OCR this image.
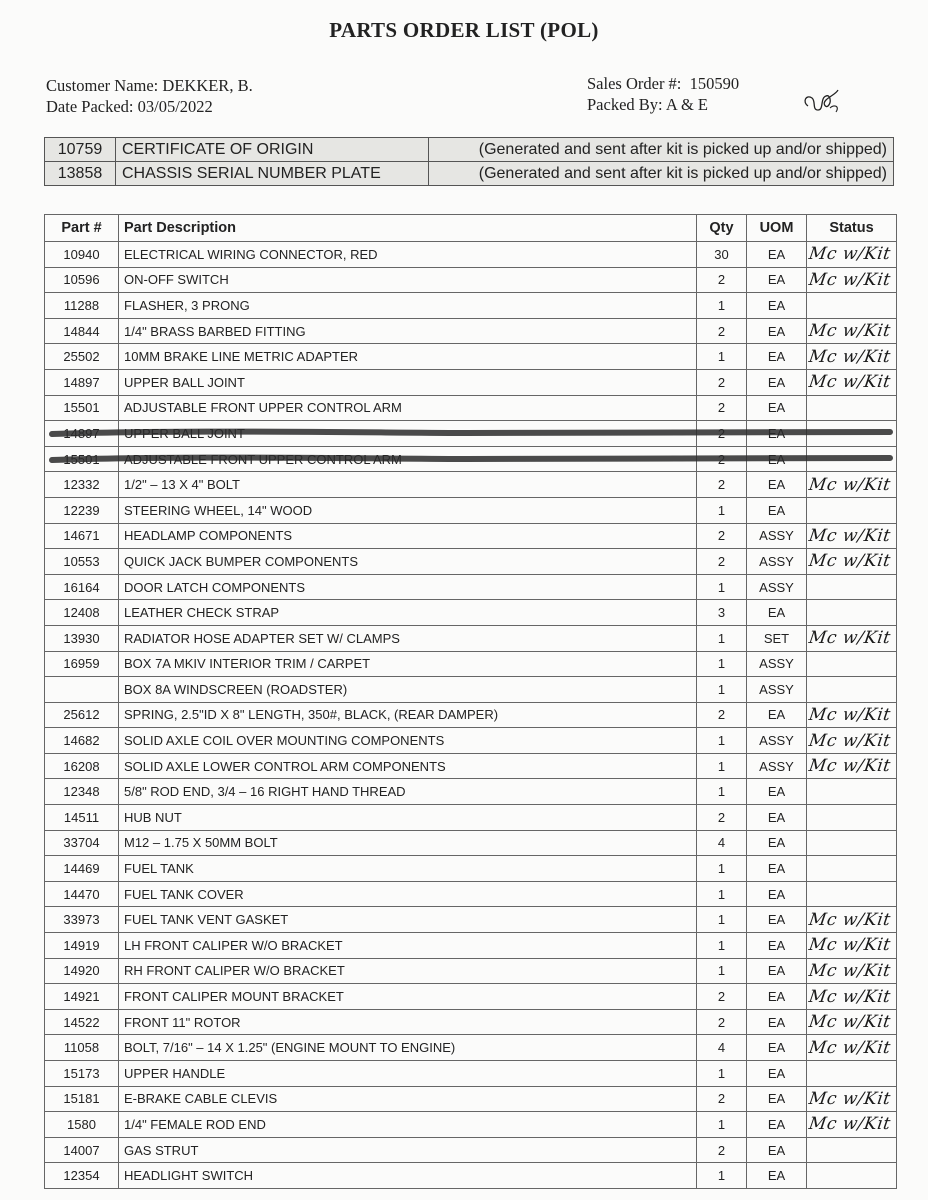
PARTS ORDER LIST (POL)
Customer Name: DEKKER, B.
Date Packed: 03/05/2022
Sales Order #: 150590
Packed By: A & E
10759	CERTIFICATE OF ORIGIN	(Generated and sent after kit is picked up and/or shipped)
13858	CHASSIS SERIAL NUMBER PLATE	(Generated and sent after kit is picked up and/or shipped)
Part #	Part Description	Qty	UOM	Status
10940	ELECTRICAL WIRING CONNECTOR, RED	30	EA	Mc w/Kit
10596	ON-OFF SWITCH	2	EA	Mc w/Kit
11288	FLASHER, 3 PRONG	1	EA	
14844	1/4" BRASS BARBED FITTING	2	EA	Mc w/Kit
25502	10MM BRAKE LINE METRIC ADAPTER	1	EA	Mc w/Kit
14897	UPPER BALL JOINT	2	EA	Mc w/Kit
15501	ADJUSTABLE FRONT UPPER CONTROL ARM	2	EA	
14897	UPPER BALL JOINT	2	EA	
15501	ADJUSTABLE FRONT UPPER CONTROL ARM	2	EA	
12332	1/2" – 13 X 4" BOLT	2	EA	Mc w/Kit
12239	STEERING WHEEL, 14" WOOD	1	EA	
14671	HEADLAMP COMPONENTS	2	ASSY	Mc w/Kit
10553	QUICK JACK BUMPER COMPONENTS	2	ASSY	Mc w/Kit
16164	DOOR LATCH COMPONENTS	1	ASSY	
12408	LEATHER CHECK STRAP	3	EA	
13930	RADIATOR HOSE ADAPTER SET W/ CLAMPS	1	SET	Mc w/Kit
16959	BOX 7A MKIV INTERIOR TRIM / CARPET	1	ASSY	
	BOX 8A WINDSCREEN (ROADSTER)	1	ASSY	
25612	SPRING, 2.5"ID X 8" LENGTH, 350#, BLACK, (REAR DAMPER)	2	EA	Mc w/Kit
14682	SOLID AXLE COIL OVER MOUNTING COMPONENTS	1	ASSY	Mc w/Kit
16208	SOLID AXLE LOWER CONTROL ARM COMPONENTS	1	ASSY	Mc w/Kit
12348	5/8" ROD END, 3/4 – 16 RIGHT HAND THREAD	1	EA	
14511	HUB NUT	2	EA	
33704	M12 – 1.75 X 50MM BOLT	4	EA	
14469	FUEL TANK	1	EA	
14470	FUEL TANK COVER	1	EA	
33973	FUEL TANK VENT GASKET	1	EA	Mc w/Kit
14919	LH FRONT CALIPER W/O BRACKET	1	EA	Mc w/Kit
14920	RH FRONT CALIPER W/O BRACKET	1	EA	Mc w/Kit
14921	FRONT CALIPER MOUNT BRACKET	2	EA	Mc w/Kit
14522	FRONT 11" ROTOR	2	EA	Mc w/Kit
11058	BOLT, 7/16" – 14 X 1.25" (ENGINE MOUNT TO ENGINE)	4	EA	Mc w/Kit
15173	UPPER HANDLE	1	EA	
15181	E-BRAKE CABLE CLEVIS	2	EA	Mc w/Kit
1580	1/4" FEMALE ROD END	1	EA	Mc w/Kit
14007	GAS STRUT	2	EA	
12354	HEADLIGHT SWITCH	1	EA	
